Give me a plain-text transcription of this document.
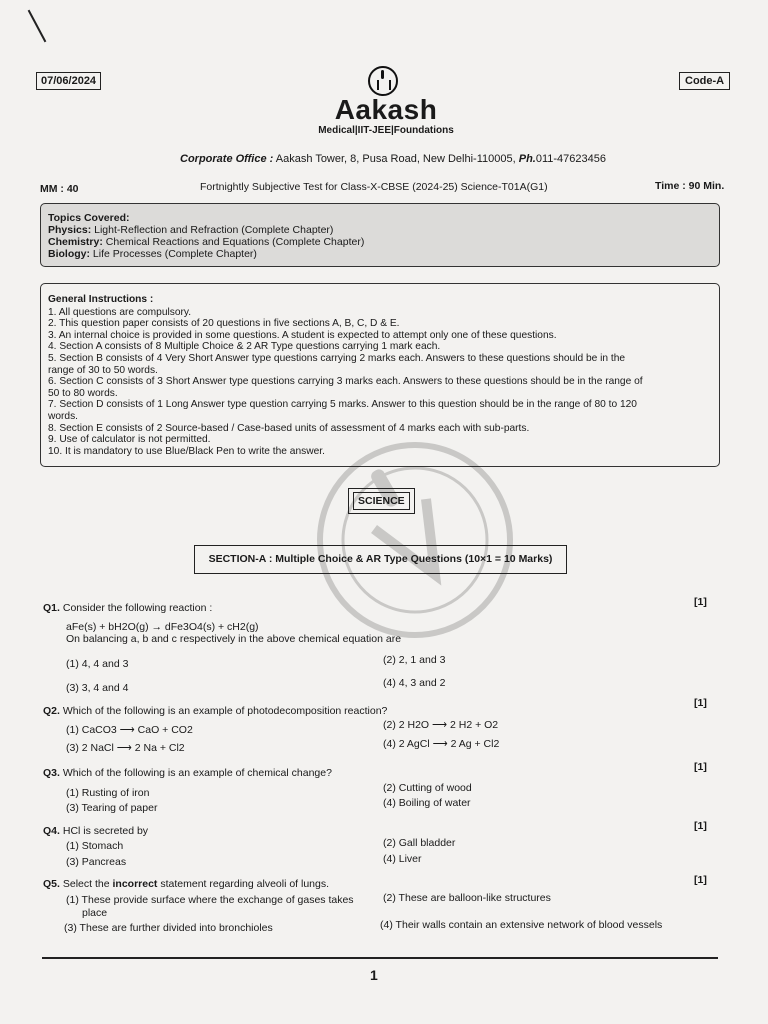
07/06/2024	Code-A
Aakash
Medical|IIT-JEE|Foundations
Corporate Office : Aakash Tower, 8, Pusa Road, New Delhi-110005, Ph.011-47623456
MM : 40	Fortnightly Subjective Test for Class-X-CBSE (2024-25) Science-T01A(G1)	Time : 90 Min.
Topics Covered:
Physics: Light-Reflection and Refraction (Complete Chapter)
Chemistry: Chemical Reactions and Equations (Complete Chapter)
Biology: Life Processes (Complete Chapter)
General Instructions :
1. All questions are compulsory.
2. This question paper consists of 20 questions in five sections A, B, C, D & E.
3. An internal choice is provided in some questions. A student is expected to attempt only one of these questions.
4. Section A consists of 8 Multiple Choice & 2 AR Type questions carrying 1 mark each.
5. Section B consists of 4 Very Short Answer type questions carrying 2 marks each. Answers to these questions should be in the
range of 30 to 50 words.
6. Section C consists of 3 Short Answer type questions carrying 3 marks each. Answers to these questions should be in the range of
50 to 80 words.
7. Section D consists of 1 Long Answer type question carrying 5 marks. Answer to this question should be in the range of 80 to 120
words.
8. Section E consists of 2 Source-based / Case-based units of assessment of 4 marks each with sub-parts.
9. Use of calculator is not permitted.
10. It is mandatory to use Blue/Black Pen to write the answer.
SCIENCE
SECTION-A : Multiple Choice & AR Type Questions (10×1 = 10 Marks)
Q1. Consider the following reaction :	[1]
aFe(s) + bH2O(g) → dFe3O4(s) + cH2(g)
On balancing a, b and c respectively in the above chemical equation are
(1) 4, 4 and 3	(2) 2, 1 and 3
(3) 3, 4 and 4	(4) 4, 3 and 2
Q2. Which of the following is an example of photodecomposition reaction?
[1]
(1) CaCO3 ⟶ CaO + CO2	(2) 2 H2O ⟶ 2 H2 + O2
(3) 2 NaCl ⟶ 2 Na + Cl2	(4) 2 AgCl ⟶ 2 Ag + Cl2
Q3. Which of the following is an example of chemical change?	[1]
(1) Rusting of iron	(2) Cutting of wood
(3) Tearing of paper	(4) Boiling of water
Q4. HCl is secreted by	[1]
(1) Stomach	(2) Gall bladder
(3) Pancreas	(4) Liver
Q5. Select the incorrect statement regarding alveoli of lungs.	[1]
(1) These provide surface where the exchange of gases takes
place
(2) These are balloon-like structures
(3) These are further divided into bronchioles	(4) Their walls contain an extensive network of blood vessels
1
